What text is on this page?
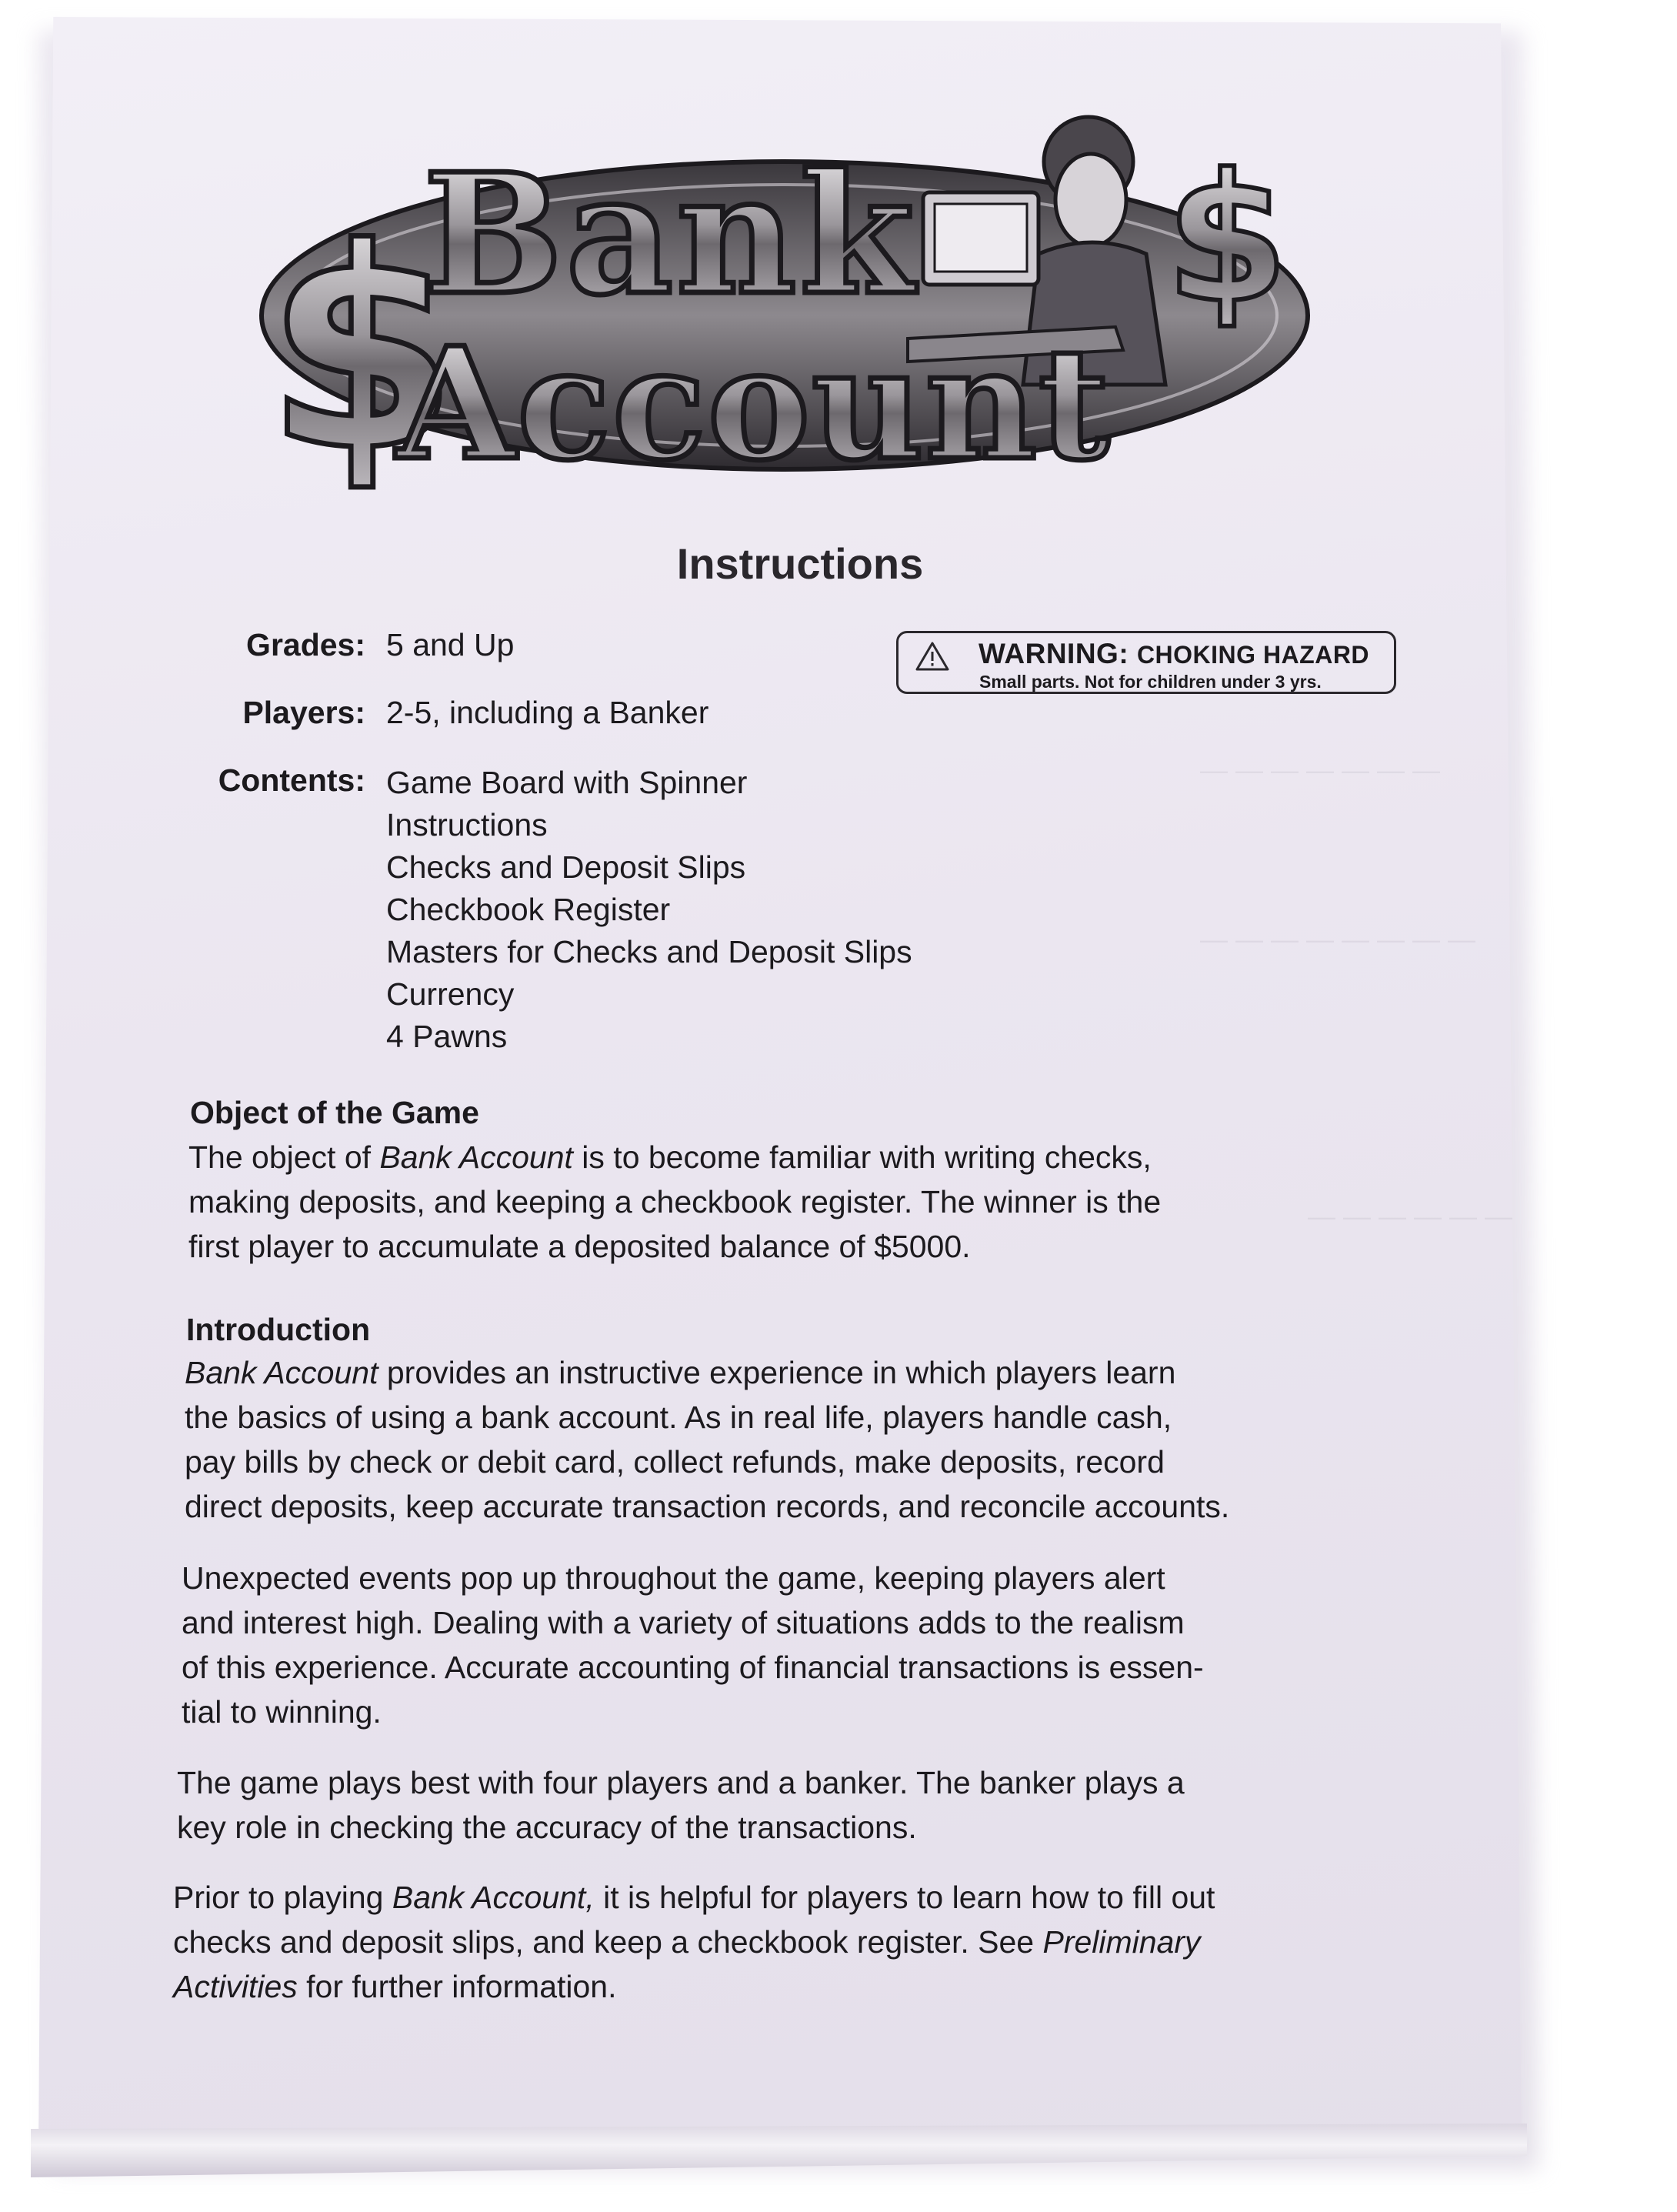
— — — — — — —
— — — — — — — —
— — — — — —
$	$
Bank
Account
Instructions
WARNING: CHOKING HAZARD
Small parts. Not for children under 3 yrs.
Grades: 5 and Up
Players: 2-5, including a Banker
Contents: Game Board with Spinner
Instructions
Checks and Deposit Slips
Checkbook Register
Masters for Checks and Deposit Slips
Currency
4 Pawns
Object of the Game

The object of Bank Account is to become familiar with writing checks,

making deposits, and keeping a checkbook register. The winner is the

first player to accumulate a deposited balance of $5000.

Introduction

Bank Account provides an instructive experience in which players learn

the basics of using a bank account. As in real life, players handle cash,

pay bills by check or debit card, collect refunds, make deposits, record

direct deposits, keep accurate transaction records, and reconcile accounts.

Unexpected events pop up throughout the game, keeping players alert

and interest high. Dealing with a variety of situations adds to the realism

of this experience. Accurate accounting of financial transactions is essen-

tial to winning.

The game plays best with four players and a banker. The banker plays a

key role in checking the accuracy of the transactions.

Prior to playing Bank Account, it is helpful for players to learn how to fill out

checks and deposit slips, and keep a checkbook register. See Preliminary

Activities for further information.
